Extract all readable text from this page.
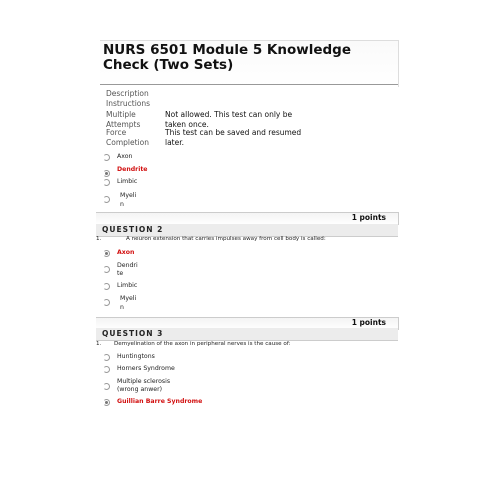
NURS 6501 Module 5 Knowledge Check (Two Sets)
Description
Instructions
Multiple Attempts
Not allowed. This test can only be taken once.
Force Completion
This test can be saved and resumed later.
Axon
Dendrite
Limbic
Myeli n
1 points
QUESTION 2
1.	A neuron extension that carries impulses away from cell body is called:
Axon
Dendri te
Limbic
Myeli n
1 points
QUESTION 3
1. Demyelination of the axon in peripheral nerves is the cause of:
Huntingtons
Horners Syndrome
Multiple sclerosis (wrong anwer)
Guillian Barre Syndrome
